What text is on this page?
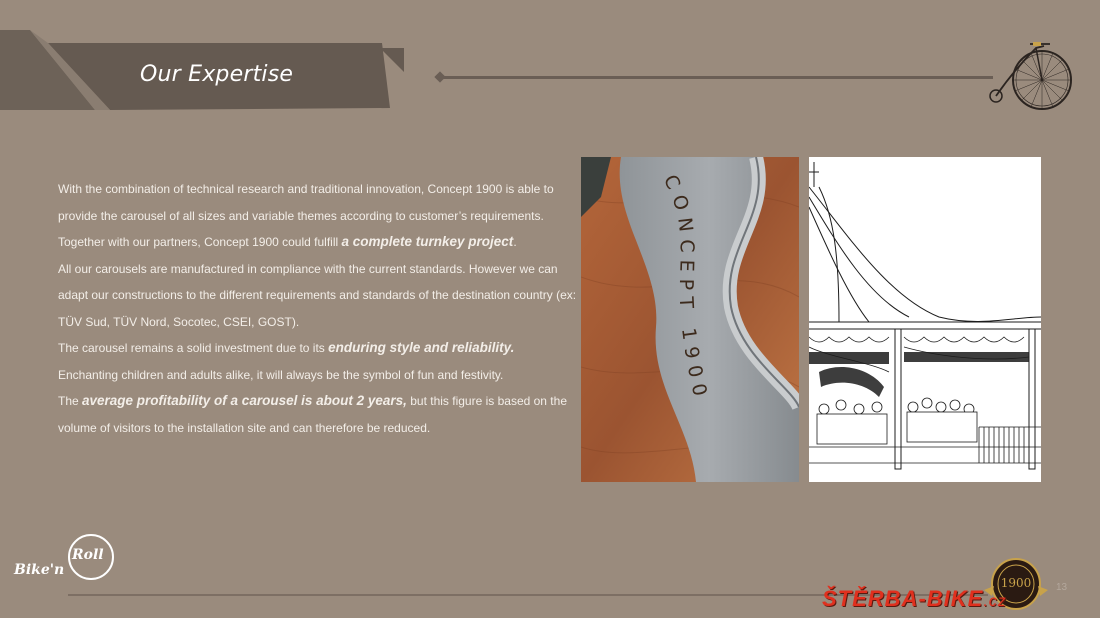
Our Expertise

With the combination of technical research and traditional innovation, Concept 1900 is able to provide the carousel of all sizes and variable themes according to customer’s requirements. Together with our partners, Concept 1900 could fulfill a complete turnkey project.

All our carousels are manufactured in compliance with the current standards. However we can adapt our constructions to the different requirements and standards of the destination country (ex: TÜV Sud, TÜV Nord, Socotec, CSEI, GOST).

The carousel remains a solid investment due to its enduring style and reliability.

Enchanting children and adults alike, it will always be the symbol of fun and festivity.

The average profitability of a carousel is about 2 years, but this figure is based on the volume of visitors to the installation site and can therefore be reduced.

CONCEPT 1900
Bike'n
Roll
1900 13
ŠTĚRBA-BIKE.cz
